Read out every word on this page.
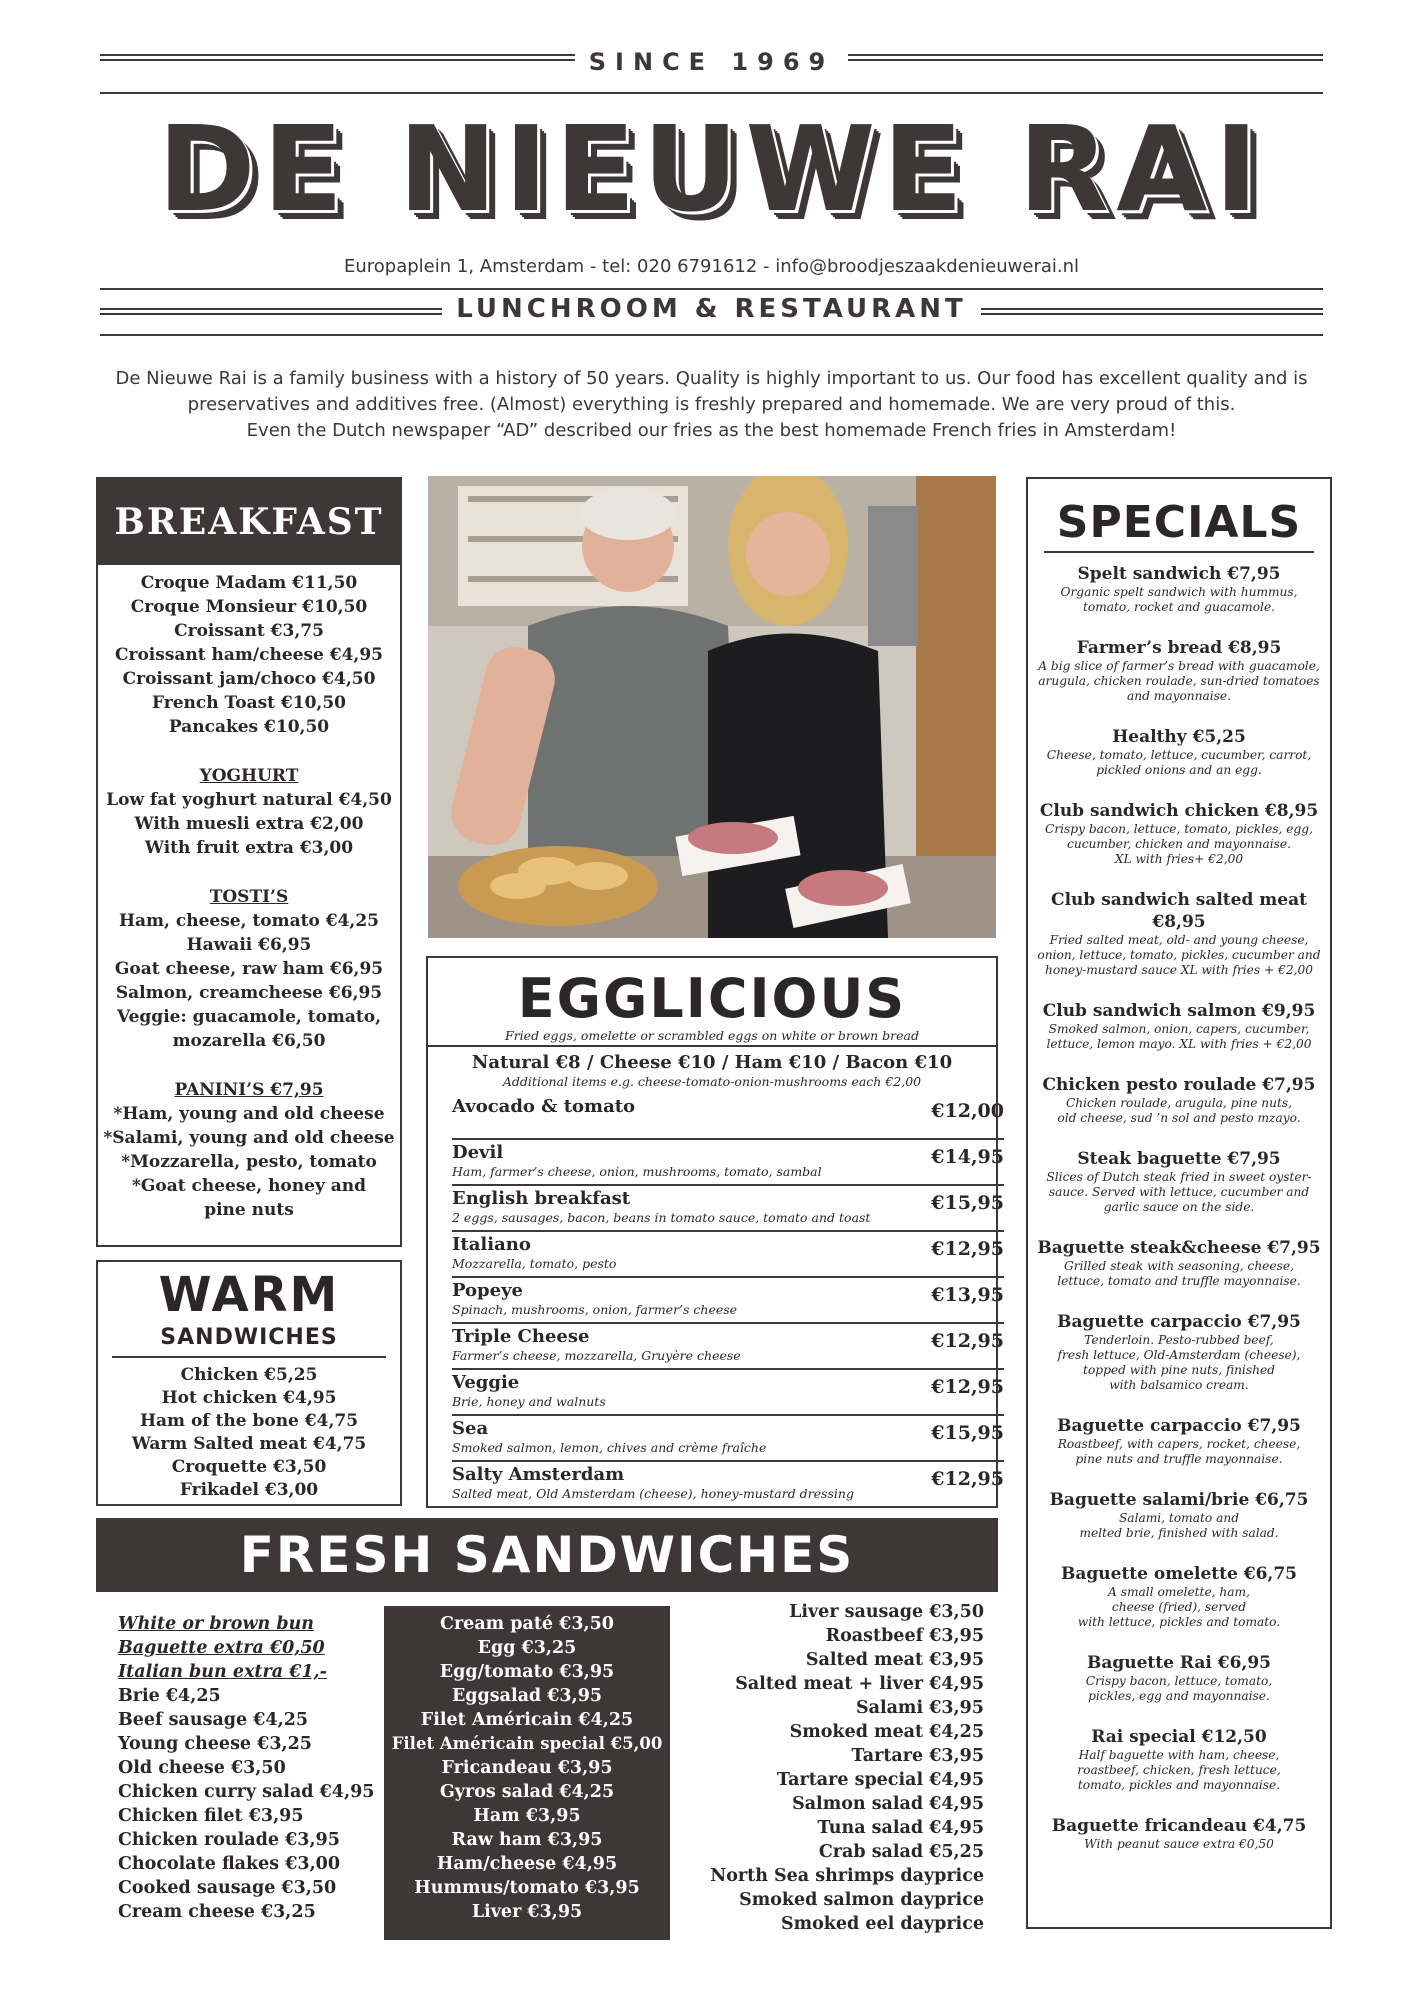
SINCE 1969
DE NIEUWE RAI
Europaplein 1, Amsterdam - tel: 020 6791612 - info@broodjeszaakdenieuwerai.nl
LUNCHROOM & RESTAURANT
De Nieuwe Rai is a family business with a history of 50 years. Quality is highly important to us. Our food has excellent quality and is
preservatives and additives free. (Almost) everything is freshly prepared and homemade. We are very proud of this.
Even the Dutch newspaper “AD” described our fries as the best homemade French fries in Amsterdam!
BREAKFAST
Croque Madam €11,50
Croque Monsieur €10,50
Croissant €3,75
Croissant ham/cheese €4,95
Croissant jam/choco €4,50
French Toast €10,50
Pancakes €10,50
YOGHURT
Low fat yoghurt natural €4,50
With muesli extra €2,00
With fruit extra €3,00
TOSTI’S
Ham, cheese, tomato €4,25
Hawaii €6,95
Goat cheese, raw ham €6,95
Salmon, creamcheese €6,95
Veggie: guacamole, tomato,
mozarella €6,50
PANINI’S €7,95
*Ham, young and old cheese
*Salami, young and old cheese
*Mozzarella, pesto, tomato
*Goat cheese, honey and
pine nuts
WARM
SANDWICHES
Chicken €5,25
Hot chicken €4,95
Ham of the bone €4,75
Warm Salted meat €4,75
Croquette €3,50
Frikadel €3,00
EGGLICIOUS
Fried eggs, omelette or scrambled eggs on white or brown bread
Natural €8 / Cheese €10 / Ham €10 / Bacon €10
Additional items e.g. cheese-tomato-onion-mushrooms each €2,00
Avocado & tomato	€12,00
Devil
Ham, farmer’s cheese, onion, mushrooms, tomato, sambal
€14,95
English breakfast
2 eggs, sausages, bacon, beans in tomato sauce, tomato and toast
€15,95
Italiano
Mozzarella, tomato, pesto
€12,95
Popeye
Spinach, mushrooms, onion, farmer’s cheese
€13,95
Triple Cheese
Farmer’s cheese, mozzarella, Gruyère cheese
€12,95
Veggie
Brie, honey and walnuts
€12,95
Sea
Smoked salmon, lemon, chives and crème fraîche
€15,95
Salty Amsterdam
Salted meat, Old Amsterdam (cheese), honey-mustard dressing
€12,95
SPECIALS
Spelt sandwich €7,95
Organic spelt sandwich with hummus,
tomato, rocket and guacamole.
Farmer’s bread €8,95
A big slice of farmer’s bread with guacamole,
arugula, chicken roulade, sun-dried tomatoes
and mayonnaise.
Healthy €5,25
Cheese, tomato, lettuce, cucumber, carrot,
pickled onions and an egg.
Club sandwich chicken €8,95
Crispy bacon, lettuce, tomato, pickles, egg,
cucumber, chicken and mayonnaise.
XL with fries+ €2,00
Club sandwich salted meat €8,95
Fried salted meat, old- and young cheese,
onion, lettuce, tomato, pickles, cucumber and
honey-mustard sauce XL with fries + €2,00
Club sandwich salmon €9,95
Smoked salmon, onion, capers, cucumber,
lettuce, lemon mayo. XL with fries + €2,00
Chicken pesto roulade €7,95
Chicken roulade, arugula, pine nuts,
old cheese, sud ’n sol and pesto mzayo.
Steak baguette €7,95
Slices of Dutch steak fried in sweet oyster-
sauce. Served with lettuce, cucumber and
garlic sauce on the side.
Baguette steak&cheese €7,95
Grilled steak with seasoning, cheese,
lettuce, tomato and truffle mayonnaise.
Baguette carpaccio €7,95
Tenderloin. Pesto-rubbed beef,
fresh lettuce, Old-Amsterdam (cheese),
topped with pine nuts, finished
with balsamico cream.
Baguette carpaccio €7,95
Roastbeef, with capers, rocket, cheese,
pine nuts and truffle mayonnaise.
Baguette salami/brie €6,75
Salami, tomato and
melted brie, finished with salad.
Baguette omelette €6,75
A small omelette, ham,
cheese (fried), served
with lettuce, pickles and tomato.
Baguette Rai €6,95
Crispy bacon, lettuce, tomato,
pickles, egg and mayonnaise.
Rai special €12,50
Half baguette with ham, cheese,
roastbeef, chicken, fresh lettuce,
tomato, pickles and mayonnaise.
Baguette fricandeau €4,75
With peanut sauce extra €0,50
FRESH SANDWICHES
White or brown bun
Baguette extra €0,50
Italian bun extra €1,-
Brie €4,25
Beef sausage €4,25
Young cheese €3,25
Old cheese €3,50
Chicken curry salad €4,95
Chicken filet €3,95
Chicken roulade €3,95
Chocolate flakes €3,00
Cooked sausage €3,50
Cream cheese €3,25
Cream paté €3,50
Egg €3,25
Egg/tomato €3,95
Eggsalad €3,95
Filet Américain €4,25
Filet Américain special €5,00
Fricandeau €3,95
Gyros salad €4,25
Ham €3,95
Raw ham €3,95
Ham/cheese €4,95
Hummus/tomato €3,95
Liver €3,95
Liver sausage €3,50
Roastbeef €3,95
Salted meat €3,95
Salted meat + liver €4,95
Salami €3,95
Smoked meat €4,25
Tartare €3,95
Tartare special €4,95
Salmon salad €4,95
Tuna salad €4,95
Crab salad €5,25
North Sea shrimps dayprice
Smoked salmon dayprice
Smoked eel dayprice
